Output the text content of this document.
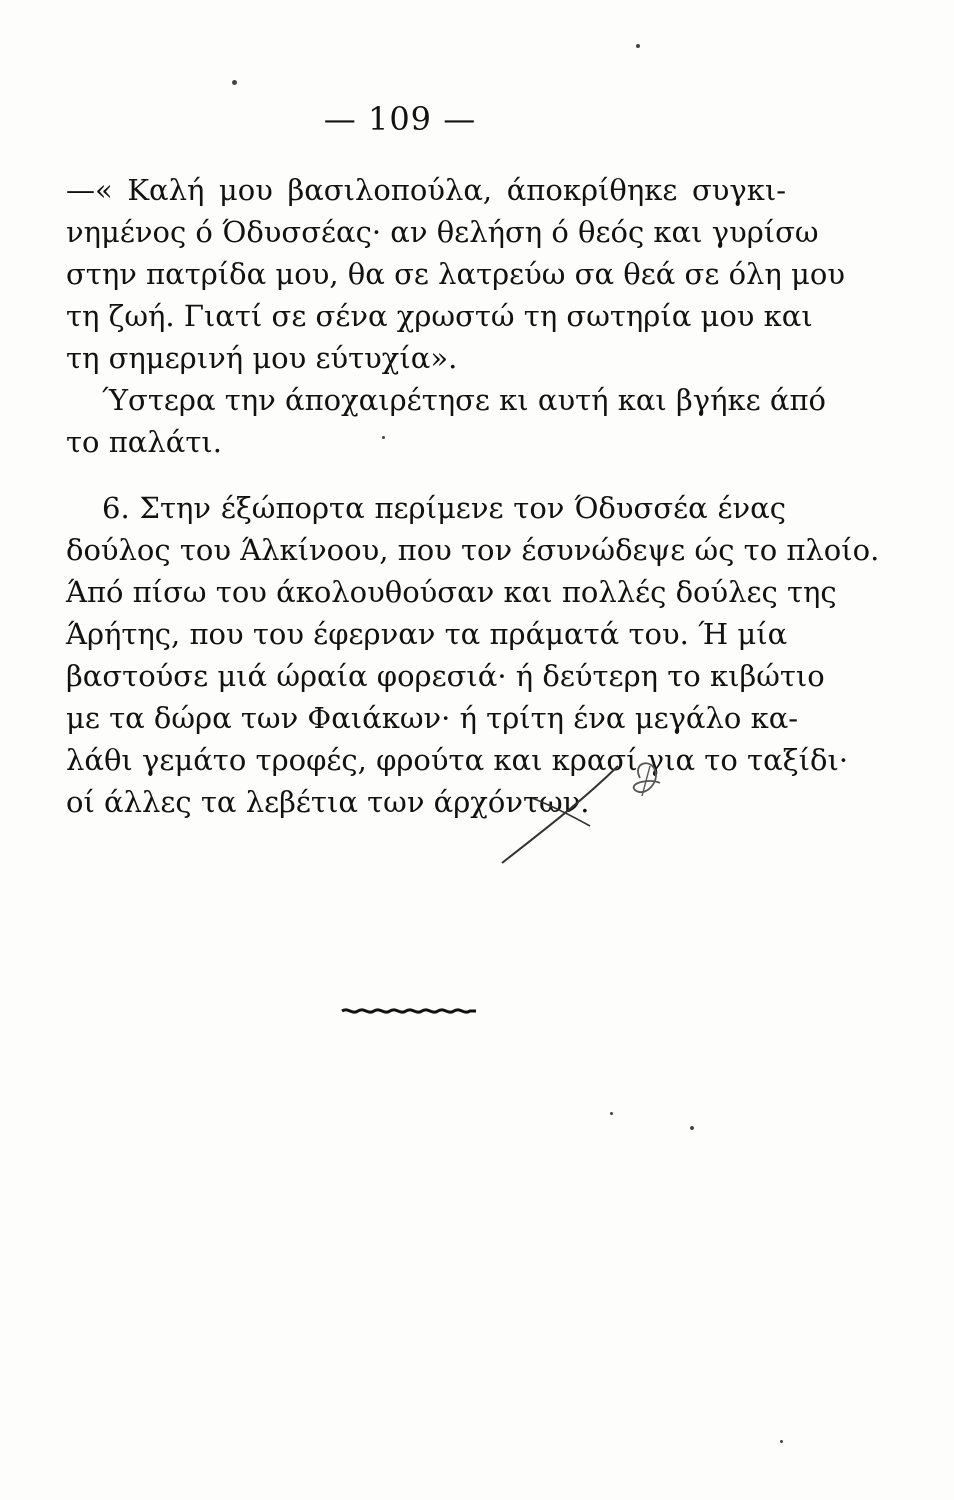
— 109 —
—« Καλή μου βασιλοπούλα, άποκρίθηκε συγκι-
νημένος ό Όδυσσέας· αν θελήση ό θεός και γυρίσω
στην πατρίδα μου, θα σε λατρεύω σα θεά σε όλη μου
τη ζωή. Γιατί σε σένα χρωστώ τη σωτηρία μου και
τη σημερινή μου εύτυχία».
Ύστερα την άποχαιρέτησε κι αυτή και βγήκε άπό
το παλάτι.
6. Στην έξώπορτα περίμενε τον Όδυσσέα ένας
δούλος του Άλκίνοου, που τον έσυνώδεψε ώς το πλοίο.
Άπό πίσω του άκολουθούσαν και πολλές δούλες της
Άρήτης, που του έφερναν τα πράματά του. Ή μία
βαστούσε μιά ώραία φορεσιά· ή δεύτερη το κιβώτιο
με τα δώρα των Φαιάκων· ή τρίτη ένα μεγάλο κα-
λάθι γεμάτο τροφές, φρούτα και κρασί για το ταξίδι·
οί άλλες τα λεβέτια των άρχόντων.
